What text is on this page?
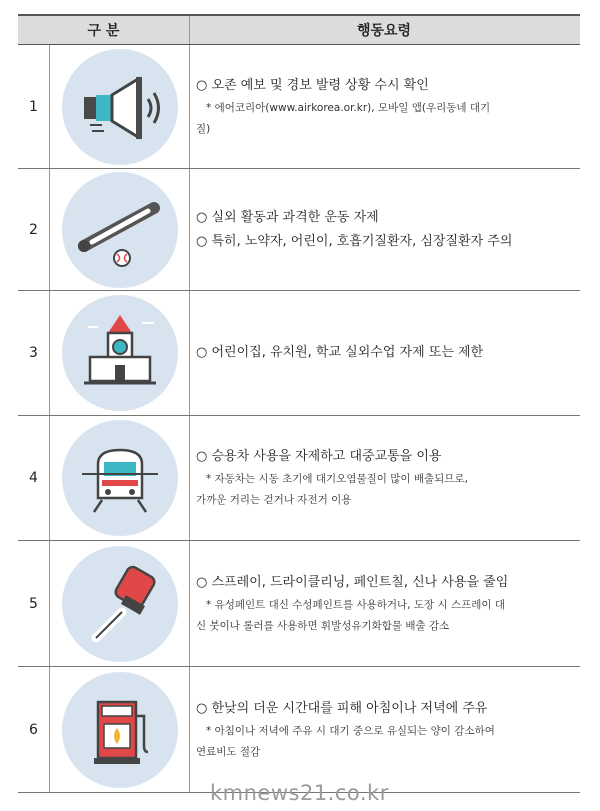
구 분		행동요령
1		○ 오존 예보 및 경보 발령 상황 수시 확인
* 에어코리아(www.airkorea.or.kr), 모바일 앱(우리동네 대기
질)

2		○ 실외 활동과 과격한 운동 자제
○ 특히, 노약자, 어린이, 호흡기질환자, 심장질환자 주의

3		○ 어린이집, 유치원, 학교 실외수업 자제 또는 제한

4		○ 승용차 사용을 자제하고 대중교통을 이용
* 자동차는 시동 초기에 대기오염물질이 많이 배출되므로,
가까운 거리는 걷거나 자전거 이용

5		○ 스프레이, 드라이클리닝, 페인트칠, 신나 사용을 줄임
* 유성페인트 대신 수성페인트를 사용하거나, 도장 시 스프레이 대
신 붓이나 롤러를 사용하면 휘발성유기화합물 배출 감소

6		○ 한낮의 더운 시간대를 피해 아침이나 저녁에 주유
* 아침이나 저녁에 주유 시 대기 중으로 유실되는 양이 감소하여
연료비도 절감
kmnews21.co.kr
